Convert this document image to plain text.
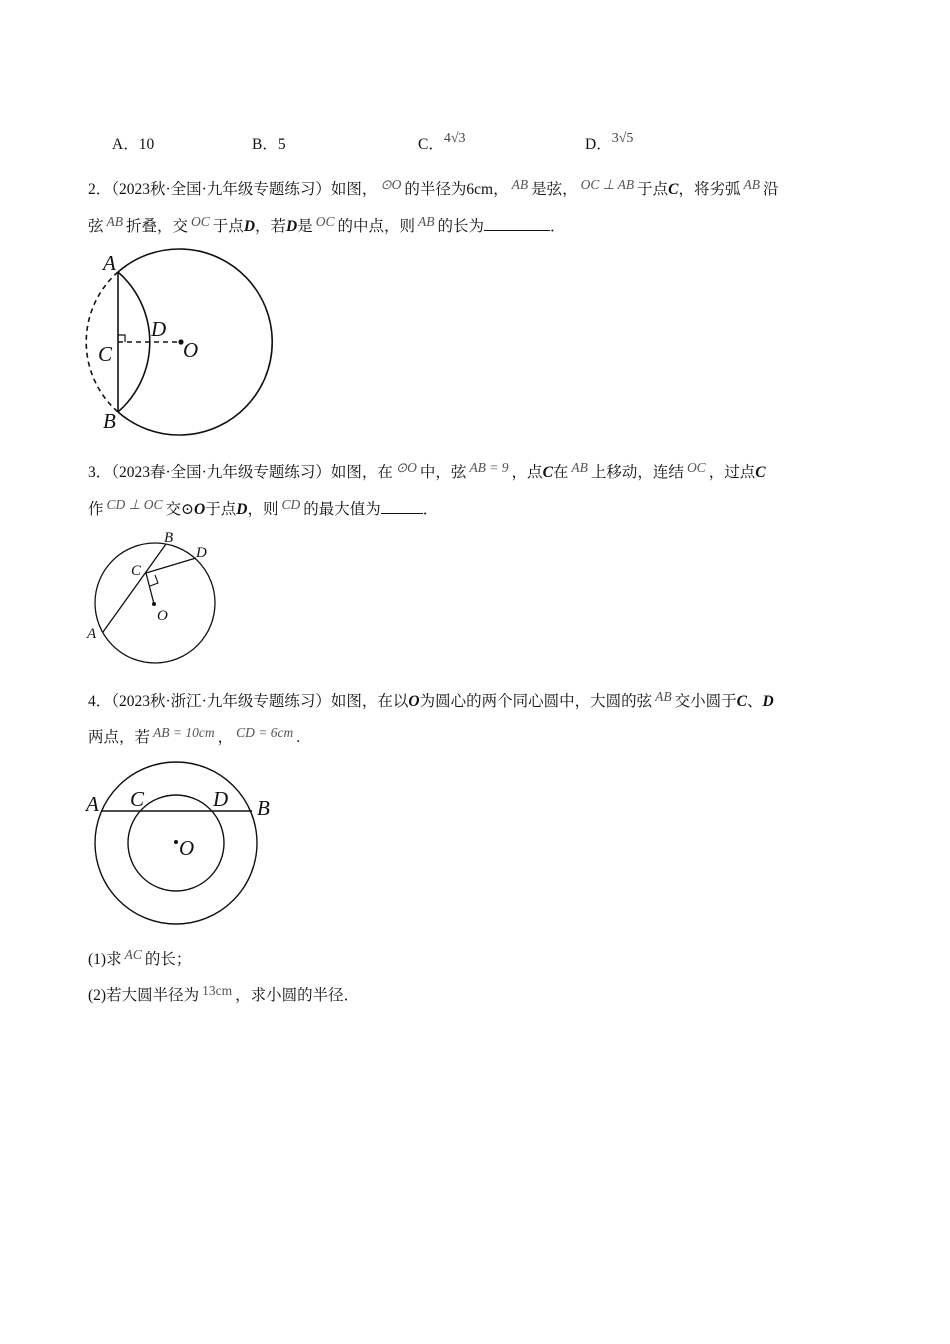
A．10	B．5	C．4√3	D．3√5
2．（2023秋·全国·九年级专题练习）如图， ⊙O 的半径为6cm， AB 是弦， OC ⊥ AB 于点C，将劣弧 AB 沿
弦 AB 折叠，交 OC 于点D，若D是 OC 的中点，则 AB 的长为	．
A
B
C
D
O
3．（2023春·全国·九年级专题练习）如图，在 ⊙O 中，弦 AB = 9 ，点C在 AB 上移动，连结 OC ，过点C
作 CD ⊥ OC 交⊙O于点D，则 CD 的最大值为	．
B
D
C
O
A
4．（2023秋·浙江·九年级专题练习）如图，在以O为圆心的两个同心圆中，大圆的弦 AB 交小圆于C、D
两点，若 AB = 10cm ， CD = 6cm .
A C	D B
O
(1)求 AC 的长；
(2)若大圆半径为 13cm ，求小圆的半径．
